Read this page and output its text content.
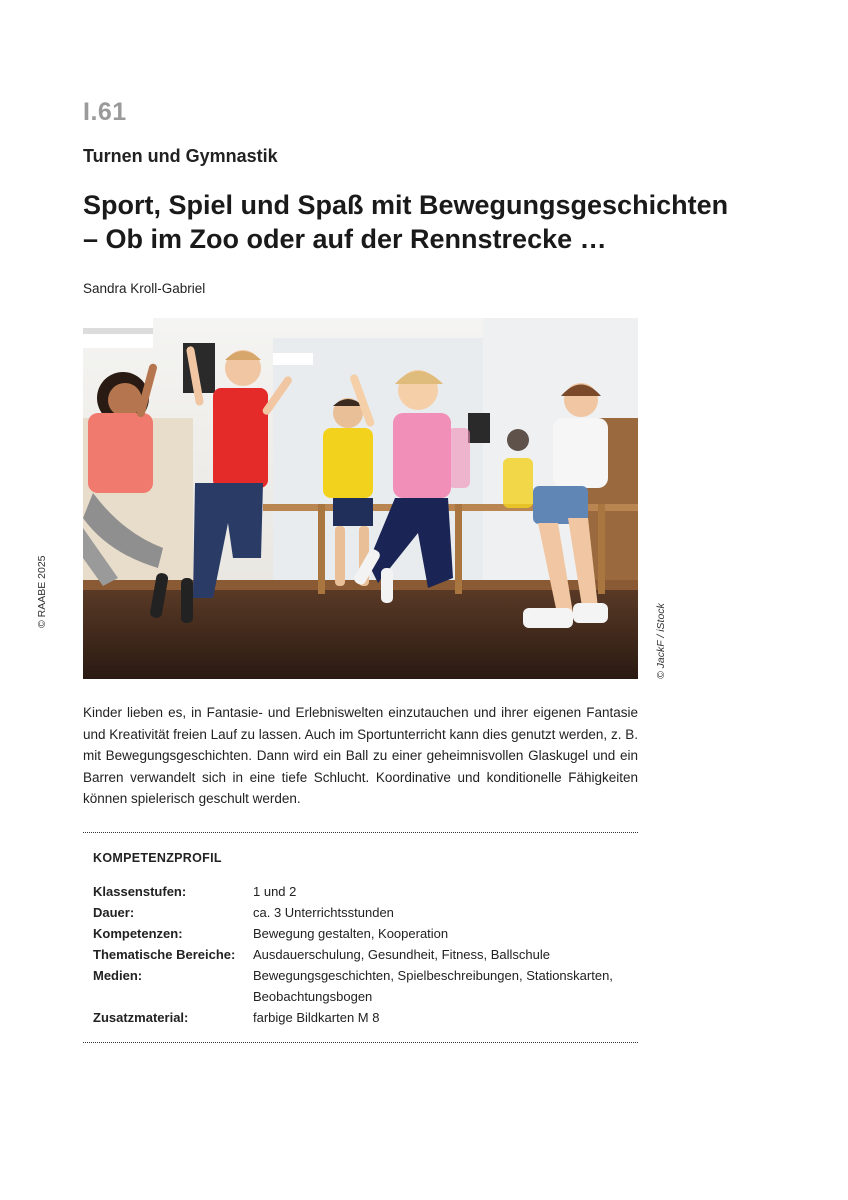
I.61
Turnen und Gymnastik
Sport, Spiel und Spaß mit Bewegungsgeschichten
– Ob im Zoo oder auf der Rennstrecke …
Sandra Kroll-Gabriel
© JackF / iStock
© RAABE 2025
Kinder lieben es, in Fantasie- und Erlebniswelten einzutauchen und ihrer eigenen Fantasie und Kreativität freien Lauf zu lassen. Auch im Sportunterricht kann dies genutzt werden, z. B. mit Bewegungsgeschichten. Dann wird ein Ball zu einer geheimnisvollen Glaskugel und ein Barren verwandelt sich in eine tiefe Schlucht. Koordinative und konditionelle Fähigkeiten können spielerisch geschult werden.
KOMPETENZPROFIL
Klassenstufen:	1 und 2
Dauer:	ca. 3 Unterrichtsstunden
Kompetenzen:	Bewegung gestalten, Kooperation
Thematische Bereiche:	Ausdauerschulung, Gesundheit, Fitness, Ballschule
Medien:	Bewegungsgeschichten, Spielbeschreibungen, Stationskarten, Beobachtungsbogen
Zusatzmaterial:	farbige Bildkarten M 8
